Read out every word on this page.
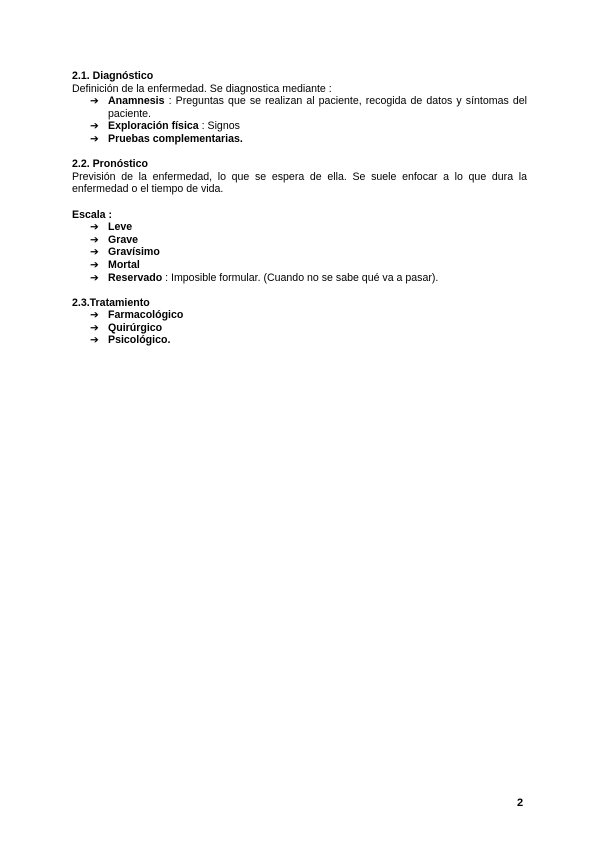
2.1. Diagnóstico

Definición de la enfermedad. Se diagnostica mediante :

➔ Anamnesis : Preguntas que se realizan al paciente, recogida de datos y síntomas del paciente.
➔ Exploración física : Signos
➔ Pruebas complementarias.

2.2. Pronóstico

Previsión de la enfermedad, lo que se espera de ella. Se suele enfocar a lo que dura la enfermedad o el tiempo de vida.

Escala :

➔ Leve
➔ Grave
➔ Gravísimo
➔ Mortal
➔ Reservado : Imposible formular. (Cuando no se sabe qué va a pasar).

2.3.Tratamiento

➔ Farmacológico
➔ Quirúrgico
➔ Psicológico.
2
